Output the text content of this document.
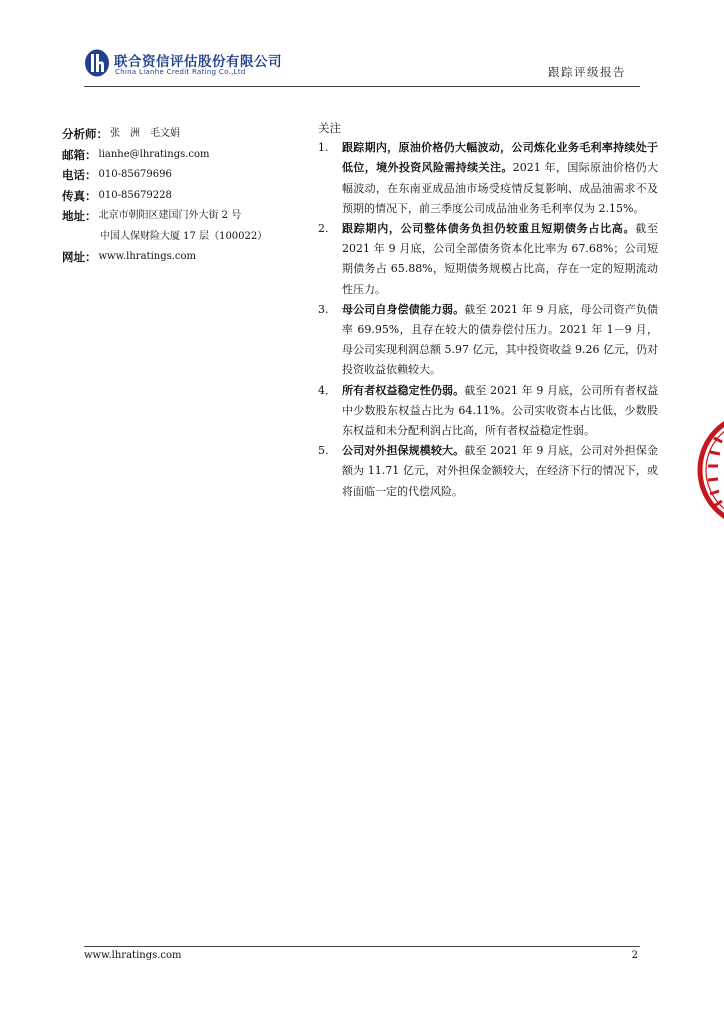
联合资信评估股份有限公司
China Lianhe Credit Rating Co.,Ltd	跟踪评级报告
分析师： 张　洲　毛文娟
邮箱： lianhe@lhratings.com
电话： 010-85679696
传真： 010-85679228
地址： 北京市朝阳区建国门外大街 2 号
中国人保财险大厦 17 层（100022）
网址： www.lhratings.com
关注
1. 跟踪期内，原油价格仍大幅波动，公司炼化业务毛利率持续处于低位，境外投资风险需持续关注。2021 年，国际原油价格仍大幅波动，在东南亚成品油市场受疫情反复影响、成品油需求不及预期的情况下，前三季度公司成品油业务毛利率仅为 2.15%。
2. 跟踪期内，公司整体债务负担仍较重且短期债务占比高。截至 2021 年 9 月底，公司全部债务资本化比率为 67.68%；公司短期债务占 65.88%，短期债务规模占比高，存在一定的短期流动性压力。
3. 母公司自身偿债能力弱。截至 2021 年 9 月底，母公司资产负债率 69.95%，且存在较大的债券偿付压力。2021 年 1－9 月，母公司实现利润总额 5.97 亿元，其中投资收益 9.26 亿元，仍对投资收益依赖较大。
4． 所有者权益稳定性仍弱。截至 2021 年 9 月底，公司所有者权益中少数股东权益占比为 64.11%。公司实收资本占比低，少数股东权益和未分配利润占比高，所有者权益稳定性弱。
5. 公司对外担保规模较大。截至 2021 年 9 月底，公司对外担保金额为 11.71 亿元，对外担保金额较大，在经济下行的情况下，或将面临一定的代偿风险。
www.lhratings.com	2
